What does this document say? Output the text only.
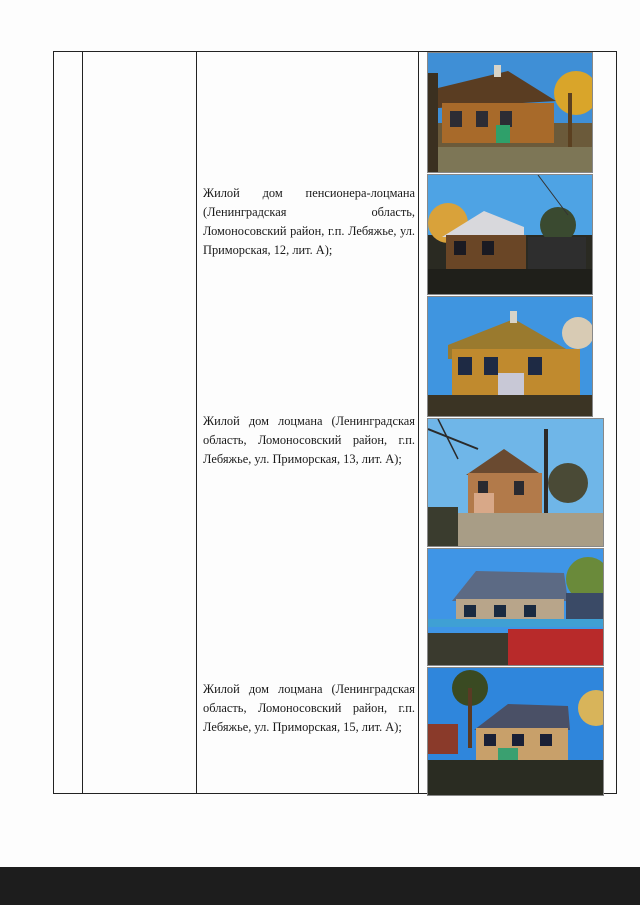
Жилой дом пенсионера-лоцмана (Ленинградская область, Ломоносовский район, г.п. Лебяжье, ул. Приморская, 12, лит. А);
Жилой дом лоцмана (Ленинградская область, Ломоносовский район, г.п. Лебяжье, ул. Приморская, 13, лит. А);
Жилой дом лоцмана (Ленинградская область, Ломоносовский район, г.п. Лебяжье, ул. Приморская, 15, лит. А);
